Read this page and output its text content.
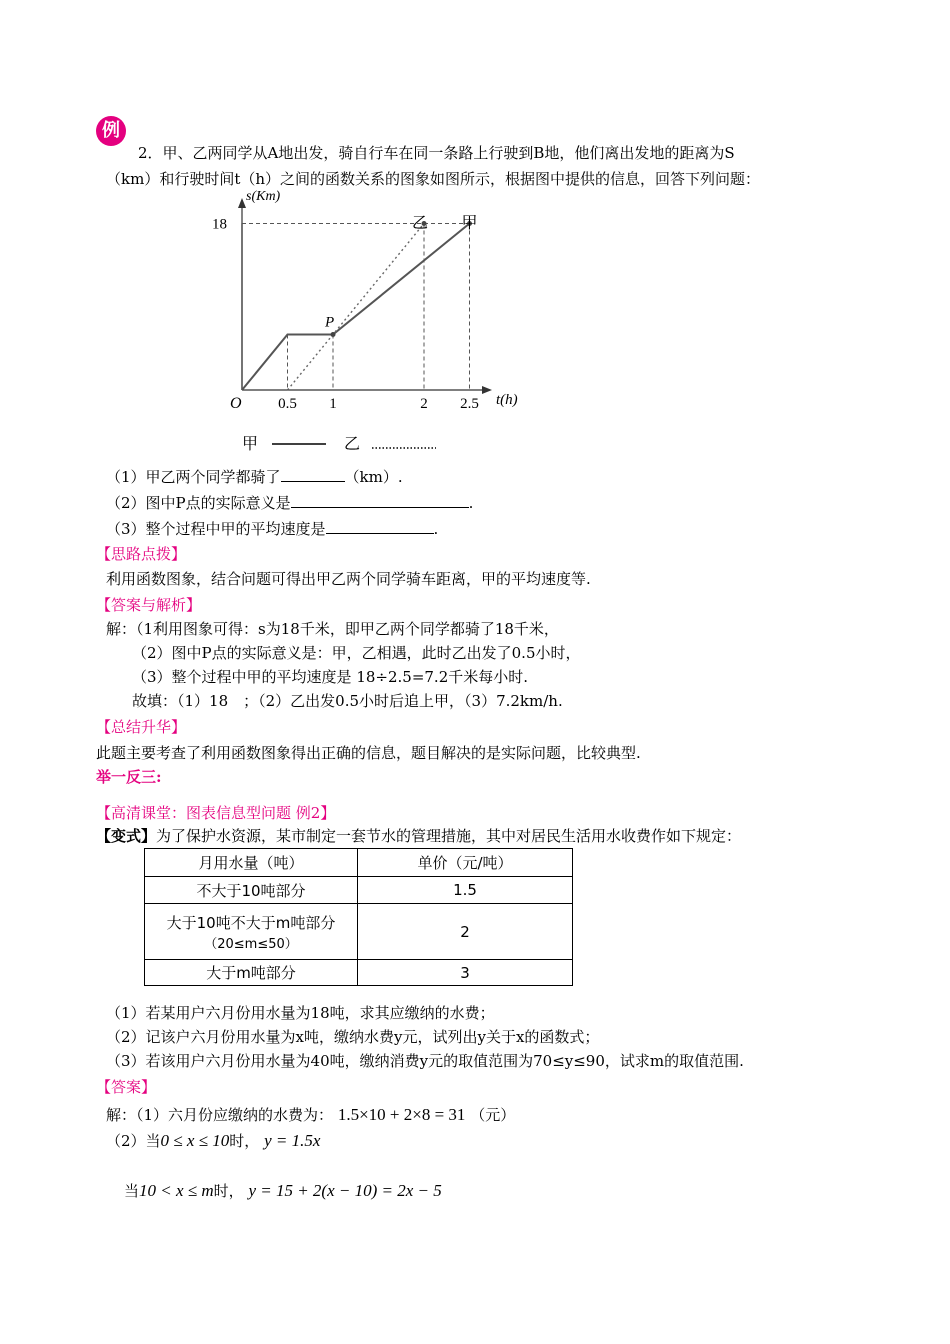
例
2．甲、乙两同学从A地出发，骑自行车在同一条路上行驶到B地，他们离出发地的距离为S
（km）和行驶时间t（h）之间的函数关系的图象如图所示，根据图中提供的信息，回答下列问题：
s(Km)
t(h)
O
18
0.5 1	2 2.5
P
乙 甲
甲	乙
（1）甲乙两个同学都骑了	（km）.
（2）图中P点的实际意义是	.
（3）整个过程中甲的平均速度是	.
【思路点拨】
利用函数图象，结合问题可得出甲乙两个同学骑车距离，甲的平均速度等.
【答案与解析】
解：（1利用图象可得：s为18千米，即甲乙两个同学都骑了18千米，
（2）图中P点的实际意义是：甲，乙相遇，此时乙出发了0.5小时，
（3）整个过程中甲的平均速度是 18÷2.5=7.2千米每小时.
故填：（1）18　；（2）乙出发0.5小时后追上甲，（3）7.2km/h.
【总结升华】
此题主要考查了利用函数图象得出正确的信息，题目解决的是实际问题，比较典型.
举一反三:
【高清课堂：图表信息型问题 例2】
【变式】为了保护水资源，某市制定一套节水的管理措施，其中对居民生活用水收费作如下规定：
月用水量（吨）	单价（元/吨）
不大于10吨部分	1.5

大于10吨不大于m吨部分
（20≤m≤50）	2
大于m吨部分	3
（1）若某用户六月份用水量为18吨，求其应缴纳的水费；
（2）记该户六月份用水量为x吨，缴纳水费y元，试列出y关于x的函数式；
（3）若该用户六月份用水量为40吨，缴纳消费y元的取值范围为70≤y≤90，试求m的取值范围.
【答案】
解：（1）六月份应缴纳的水费为： 1.5×10 + 2×8 = 31 （元）
（2）当0 ≤ x ≤ 10时， y = 1.5x
当10 < x ≤ m时， y = 15 + 2(x − 10) = 2x − 5
